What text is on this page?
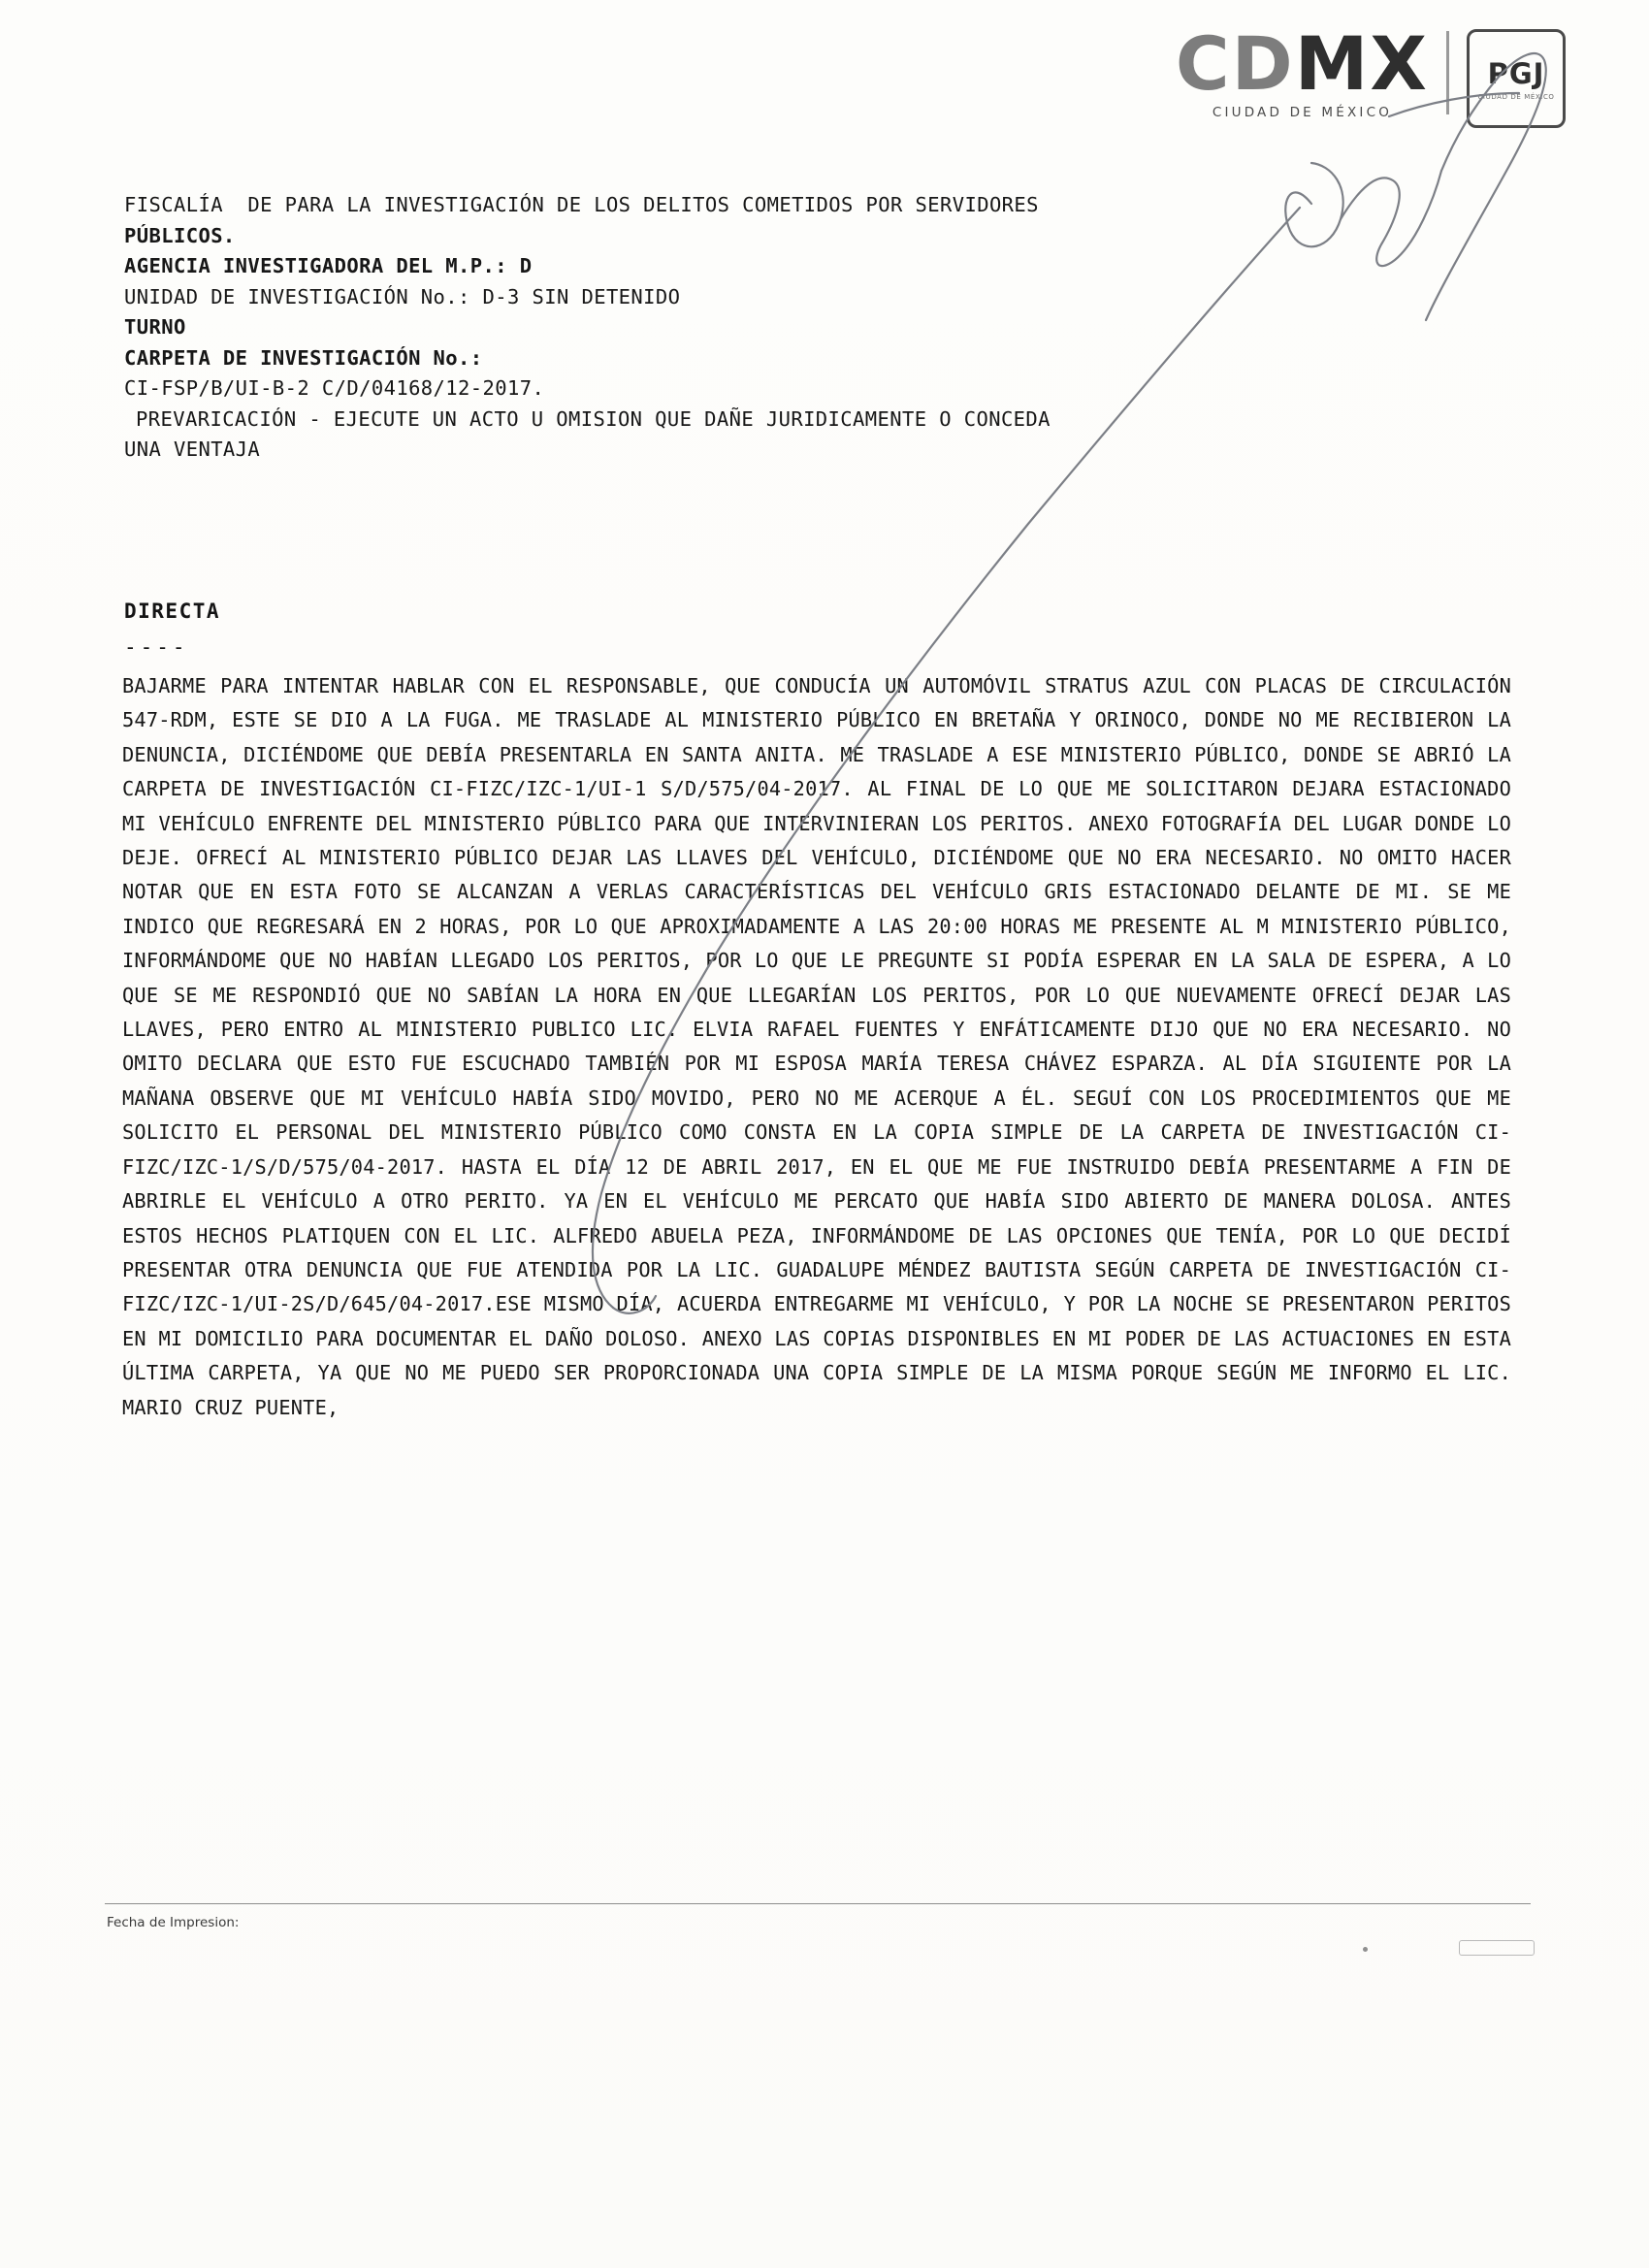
CDMX
CIUDAD DE MÉXICO
PGJ
CIUDAD DE MÉXICO
FISCALÍA  DE PARA LA INVESTIGACIÓN DE LOS DELITOS COMETIDOS POR SERVIDORES
PÚBLICOS.
AGENCIA INVESTIGADORA DEL M.P.: D
UNIDAD DE INVESTIGACIÓN No.: D-3 SIN DETENIDO
TURNO
CARPETA DE INVESTIGACIÓN No.:
CI-FSP/B/UI-B-2 C/D/04168/12-2017.
PREVARICACIÓN - EJECUTE UN ACTO U OMISION QUE DAÑE JURIDICAMENTE O CONCEDA
UNA VENTAJA
DIRECTA
----

BAJARME PARA INTENTAR HABLAR CON EL RESPONSABLE, QUE CONDUCÍA UN AUTOMÓVIL STRATUS AZUL CON PLACAS DE CIRCULACIÓN 547-RDM, ESTE SE DIO A LA FUGA. ME TRASLADE AL MINISTERIO PÚBLICO EN BRETAÑA Y ORINOCO, DONDE NO ME RECIBIERON LA DENUNCIA, DICIÉNDOME QUE DEBÍA PRESENTARLA EN SANTA ANITA. ME TRASLADE A ESE MINISTERIO PÚBLICO, DONDE SE ABRIÓ LA CARPETA DE INVESTIGACIÓN CI-FIZC/IZC-1/UI-1 S/D/575/04-2017. AL FINAL DE LO QUE ME SOLICITARON DEJARA ESTACIONADO MI VEHÍCULO ENFRENTE DEL MINISTERIO PÚBLICO PARA QUE INTERVINIERAN LOS PERITOS. ANEXO FOTOGRAFÍA DEL LUGAR DONDE LO DEJE. OFRECÍ AL MINISTERIO PÚBLICO DEJAR LAS LLAVES DEL VEHÍCULO, DICIÉNDOME QUE NO ERA NECESARIO. NO OMITO HACER NOTAR QUE EN ESTA FOTO SE ALCANZAN A VERLAS CARACTERÍSTICAS DEL VEHÍCULO GRIS ESTACIONADO DELANTE DE MI. SE ME INDICO QUE REGRESARÁ EN 2 HORAS, POR LO QUE APROXIMADAMENTE A LAS 20:00 HORAS ME PRESENTE AL M MINISTERIO PÚBLICO, INFORMÁNDOME QUE NO HABÍAN LLEGADO LOS PERITOS, POR LO QUE LE PREGUNTE SI PODÍA ESPERAR EN LA SALA DE ESPERA, A LO QUE SE ME RESPONDIÓ QUE NO SABÍAN LA HORA EN QUE LLEGARÍAN LOS PERITOS, POR LO QUE NUEVAMENTE OFRECÍ DEJAR LAS LLAVES, PERO ENTRO AL MINISTERIO PUBLICO LIC. ELVIA RAFAEL FUENTES Y ENFÁTICAMENTE DIJO QUE NO ERA NECESARIO. NO OMITO DECLARA QUE ESTO FUE ESCUCHADO TAMBIÉN POR MI ESPOSA MARÍA TERESA CHÁVEZ ESPARZA. AL DÍA SIGUIENTE POR LA MAÑANA OBSERVE QUE MI VEHÍCULO HABÍA SIDO MOVIDO, PERO NO ME ACERQUE A ÉL. SEGUÍ CON LOS PROCEDIMIENTOS QUE ME SOLICITO EL PERSONAL DEL MINISTERIO PÚBLICO COMO CONSTA EN LA COPIA SIMPLE DE LA CARPETA DE INVESTIGACIÓN CI-FIZC/IZC-1/S/D/575/04-2017. HASTA EL DÍA 12 DE ABRIL 2017, EN EL QUE ME FUE INSTRUIDO DEBÍA PRESENTARME A FIN DE ABRIRLE EL VEHÍCULO A OTRO PERITO. YA EN EL VEHÍCULO ME PERCATO QUE HABÍA SIDO ABIERTO DE MANERA DOLOSA. ANTES ESTOS HECHOS PLATIQUEN CON EL LIC. ALFREDO ABUELA PEZA, INFORMÁNDOME DE LAS OPCIONES QUE TENÍA, POR LO QUE DECIDÍ PRESENTAR OTRA DENUNCIA QUE FUE ATENDIDA POR LA LIC. GUADALUPE MÉNDEZ BAUTISTA SEGÚN CARPETA DE INVESTIGACIÓN CI-FIZC/IZC-1/UI-2S/D/645/04-2017.ESE MISMO DÍA, ACUERDA ENTREGARME MI VEHÍCULO, Y POR LA NOCHE SE PRESENTARON PERITOS EN MI DOMICILIO PARA DOCUMENTAR EL DAÑO DOLOSO. ANEXO LAS COPIAS DISPONIBLES EN MI PODER DE LAS ACTUACIONES EN ESTA ÚLTIMA CARPETA, YA QUE NO ME PUEDO SER PROPORCIONADA UNA COPIA SIMPLE DE LA MISMA PORQUE SEGÚN ME INFORMO EL LIC. MARIO CRUZ PUENTE,

Fecha de Impresion:
